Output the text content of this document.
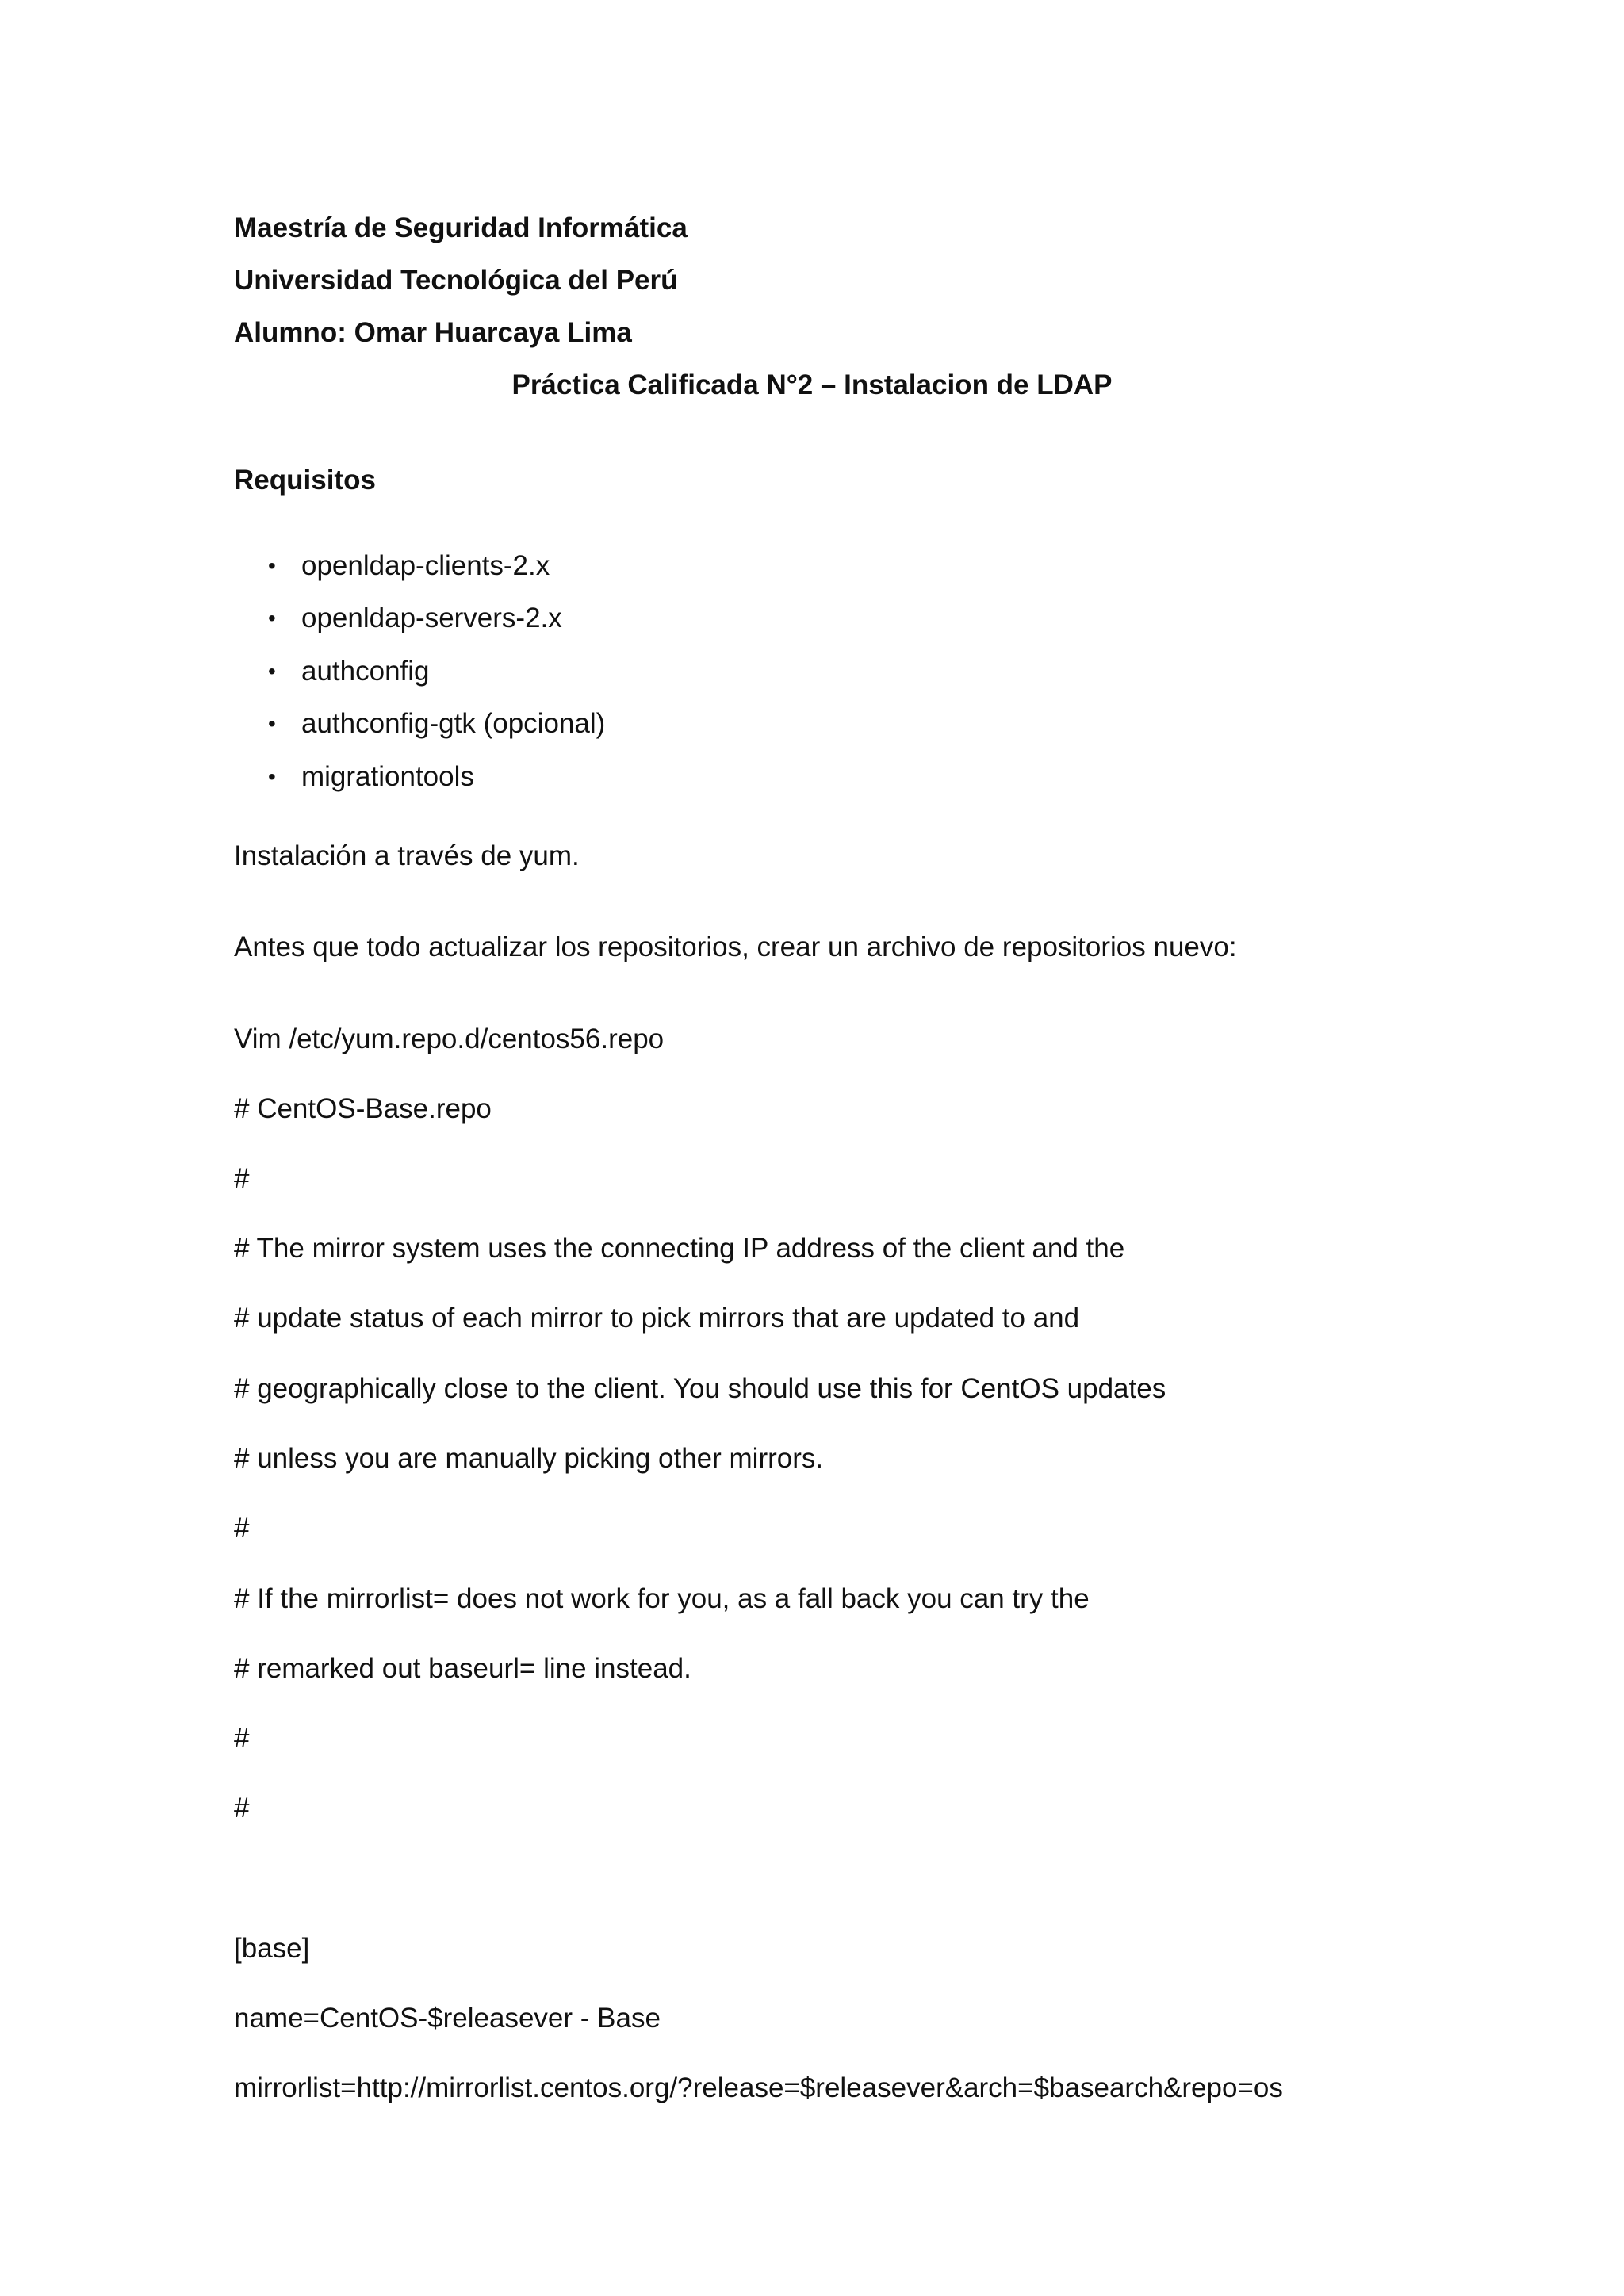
Maestría de Seguridad Informática
Universidad Tecnológica del Perú
Alumno: Omar Huarcaya Lima
Práctica Calificada N°2 – Instalacion de LDAP
Requisitos
• openldap-clients-2.x
• openldap-servers-2.x
• authconfig
• authconfig-gtk (opcional)
• migrationtools
Instalación a través de yum.
Antes que todo actualizar los repositorios, crear un archivo de repositorios nuevo:
Vim /etc/yum.repo.d/centos56.repo
# CentOS-Base.repo
#
# The mirror system uses the connecting IP address of the client and the
# update status of each mirror to pick mirrors that are updated to and
# geographically close to the client. You should use this for CentOS updates
# unless you are manually picking other mirrors.
#
# If the mirrorlist= does not work for you, as a fall back you can try the
# remarked out baseurl= line instead.
#
#
[base]
name=CentOS-$releasever - Base
mirrorlist=http://mirrorlist.centos.org/?release=$releasever&arch=$basearch&repo=os
